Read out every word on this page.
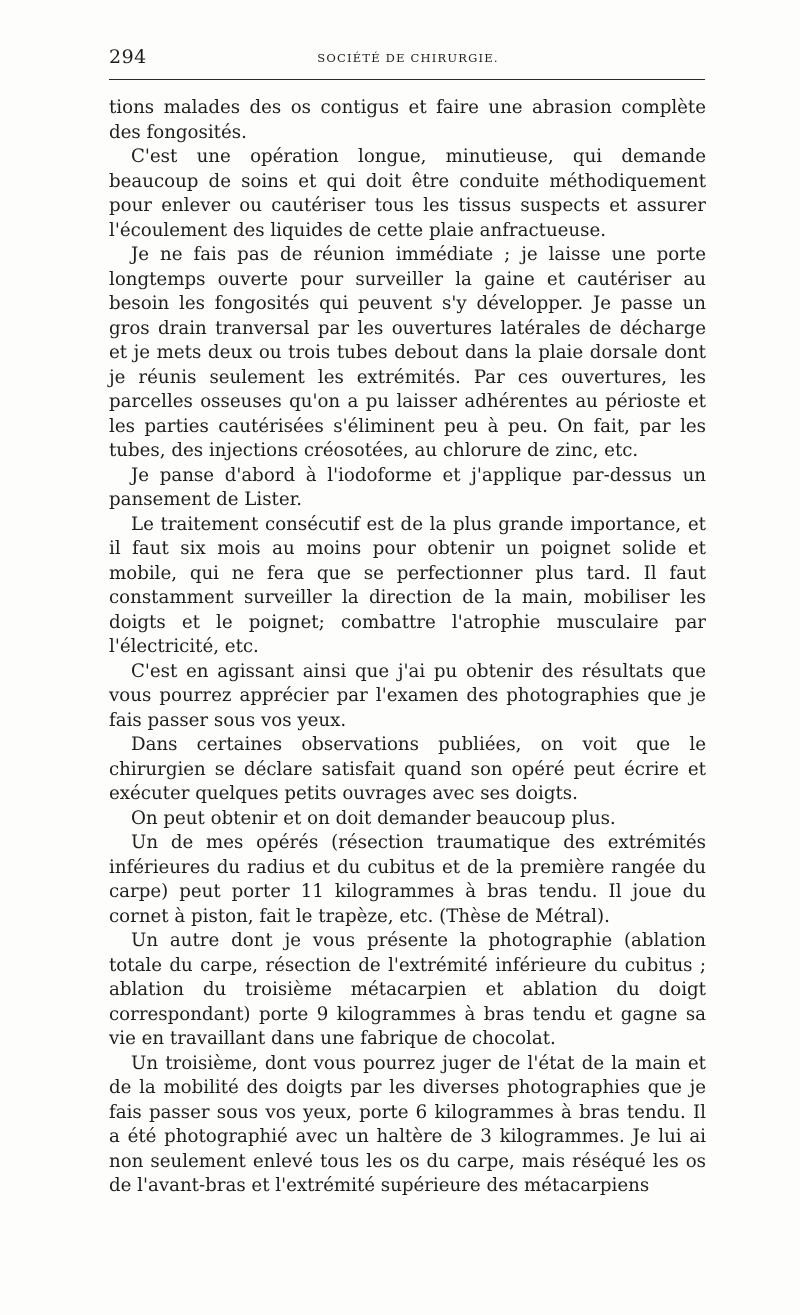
294	SOCIÉTÉ DE CHIRURGIE.

tions malades des os contigus et faire une abrasion complète des fongosités.

C'est une opération longue, minutieuse, qui demande beaucoup de soins et qui doit être conduite méthodiquement pour enlever ou cautériser tous les tissus suspects et assurer l'écoulement des liquides de cette plaie anfractueuse.

Je ne fais pas de réunion immédiate ; je laisse une porte longtemps ouverte pour surveiller la gaine et cautériser au besoin les fongosités qui peuvent s'y développer. Je passe un gros drain tranversal par les ouvertures latérales de décharge et je mets deux ou trois tubes debout dans la plaie dorsale dont je réunis seulement les extrémités. Par ces ouvertures, les parcelles osseuses qu'on a pu laisser adhérentes au périoste et les parties cautérisées s'éliminent peu à peu. On fait, par les tubes, des injections créosotées, au chlorure de zinc, etc.

Je panse d'abord à l'iodoforme et j'applique par-dessus un pansement de Lister.

Le traitement consécutif est de la plus grande importance, et il faut six mois au moins pour obtenir un poignet solide et mobile, qui ne fera que se perfectionner plus tard. Il faut constamment surveiller la direction de la main, mobiliser les doigts et le poignet; combattre l'atrophie musculaire par l'électricité, etc.

C'est en agissant ainsi que j'ai pu obtenir des résultats que vous pourrez apprécier par l'examen des photographies que je fais passer sous vos yeux.

Dans certaines observations publiées, on voit que le chirurgien se déclare satisfait quand son opéré peut écrire et exécuter quelques petits ouvrages avec ses doigts.

On peut obtenir et on doit demander beaucoup plus.

Un de mes opérés (résection traumatique des extrémités inférieures du radius et du cubitus et de la première rangée du carpe) peut porter 11 kilogrammes à bras tendu. Il joue du cornet à piston, fait le trapèze, etc. (Thèse de Métral).

Un autre dont je vous présente la photographie (ablation totale du carpe, résection de l'extrémité inférieure du cubitus ; ablation du troisième métacarpien et ablation du doigt correspondant) porte 9 kilogrammes à bras tendu et gagne sa vie en travaillant dans une fabrique de chocolat.

Un troisième, dont vous pourrez juger de l'état de la main et de la mobilité des doigts par les diverses photographies que je fais passer sous vos yeux, porte 6 kilogrammes à bras tendu. Il a été photographié avec un haltère de 3 kilogrammes. Je lui ai non seulement enlevé tous les os du carpe, mais réséqué les os de l'avant-bras et l'extrémité supérieure des métacarpiens
